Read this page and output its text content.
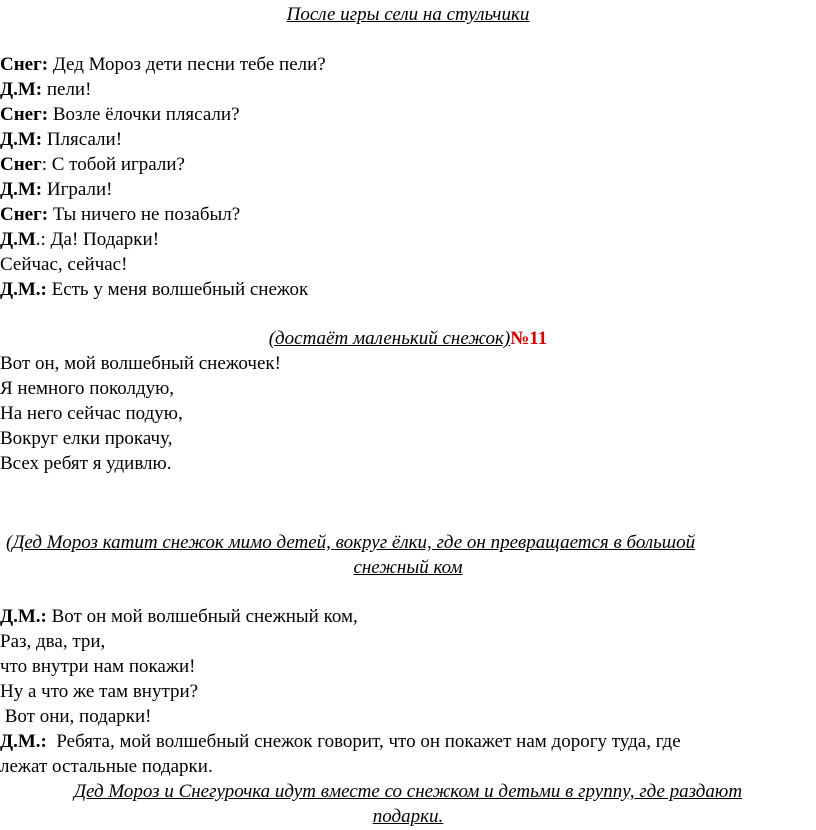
После игры сели на стульчики
Снег: Дед Мороз дети песни тебе пели?
Д.М: пели!
Снег: Возле ёлочки плясали?
Д.М: Плясали!
Снег: С тобой играли?
Д.М: Играли!
Снег: Ты ничего не позабыл?
Д.М.: Да! Подарки!
Сейчас, сейчас!
Д.М.: Есть у меня волшебный снежок
(достаёт маленький снежок)№11
Вот он, мой волшебный снежочек!
Я немного поколдую,
На него сейчас подую,
Вокруг елки прокачу,
Всех ребят я удивлю.
(Дед Мороз катит снежок мимо детей, вокруг ёлки, где он превращается в большой
снежный ком
Д.М.: Вот он мой волшебный снежный ком,
Раз, два, три,
что внутри нам покажи!
Ну а что же там внутри?
Вот они, подарки!
Д.М.:  Ребята, мой волшебный снежок говорит, что он покажет нам дорогу туда, где
лежат остальные подарки.
Дед Мороз и Снегурочка идут вместе со снежком и детьми в группу, где раздают
подарки.
